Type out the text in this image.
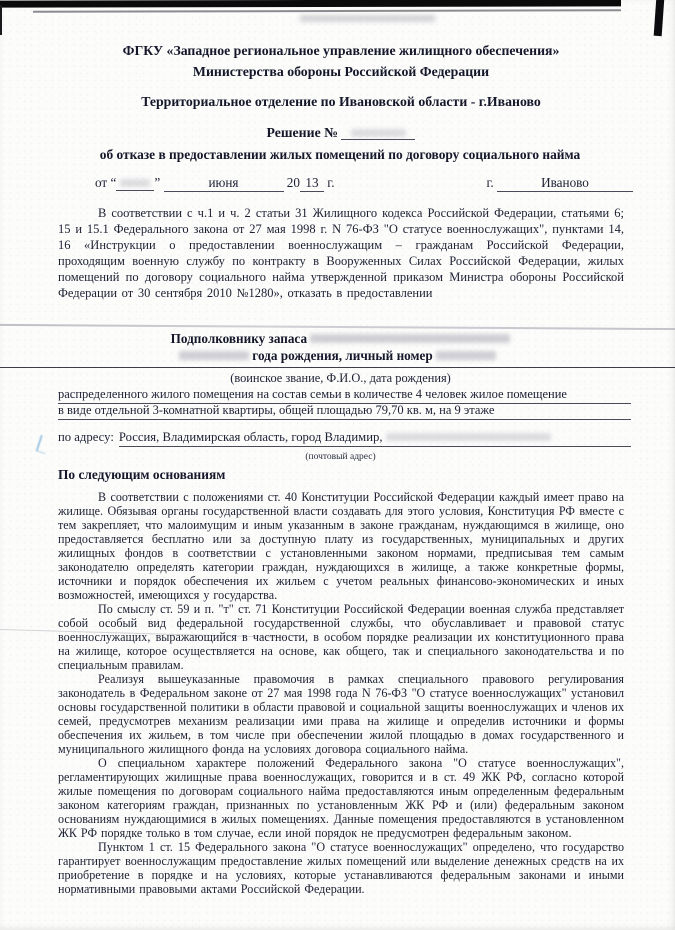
ФГКУ «Западное региональное управление жилищного обеспечения»
Министерства обороны Российской Федерации
Территориальное отделение по Ивановской области - г.Иваново
Решение №
об отказе в предоставлении жилых помещений по договору социального найма
от “	”	июня	20 13 г.	г.	Иваново
В соответствии с ч.1 и ч. 2 статьи 31 Жилищного кодекса Российской Федерации, статьями 6; 15 и 15.1 Федерального закона от 27 мая 1998 г. N 76-ФЗ "О статусе военнослужащих", пунктами 14, 16 «Инструкции о предоставлении военнослужащим – гражданам Российской Федерации, проходящим военную службу по контракту в Вооруженных Силах Российской Федерации, жилых помещений по договору социального найма утвержденной приказом Министра обороны Российской Федерации от 30 сентября 2010 №1280», отказать в предоставлении
Подполковнику запаса
года рождения, личный номер
(воинское звание, Ф.И.О., дата рождения)
распределенного жилого помещения на состав семьи в количестве 4 человек жилое помещение
в виде отдельной 3-комнатной квартиры, общей площадью 79,70 кв. м, на 9 этаже
по адресу: Россия, Владимирская область, город Владимир,
(почтовый адрес)
По следующим основаниям

В соответствии с положениями ст. 40 Конституции Российской Федерации каждый имеет право на жилище. Обязывая органы государственной власти создавать для этого условия, Конституция РФ вместе с тем закрепляет, что малоимущим и иным указанным в законе гражданам, нуждающимся в жилище, оно предоставляется бесплатно или за доступную плату из государственных, муниципальных и других жилищных фондов в соответствии с установленными законом нормами, предписывая тем самым законодателю определять категории граждан, нуждающихся в жилище, а также конкретные формы, источники и порядок обеспечения их жильем с учетом реальных финансово-экономических и иных возможностей, имеющихся у государства.

По смыслу ст. 59 и п. "т" ст. 71 Конституции Российской Федерации военная служба представляет собой особый вид федеральной государственной службы, что обуславливает и правовой статус военнослужащих, выражающийся в частности, в особом порядке реализации их конституционного права на жилище, которое осуществляется на основе, как общего, так и специального законодательства и по специальным правилам.

Реализуя вышеуказанные правомочия в рамках специального правового регулирования законодатель в Федеральном законе от 27 мая 1998 года N 76-ФЗ "О статусе военнослужащих" установил основы государственной политики в области правовой и социальной защиты военнослужащих и членов их семей, предусмотрев механизм реализации ими права на жилище и определив источники и формы обеспечения их жильем, в том числе при обеспечении жилой площадью в домах государственного и муниципального жилищного фонда на условиях договора социального найма.

О специальном характере положений Федерального закона "О статусе военнослужащих", регламентирующих жилищные права военнослужащих, говорится и в ст. 49 ЖК РФ, согласно которой жилые помещения по договорам социального найма предоставляются иным определенным федеральным законом категориям граждан, признанных по установленным ЖК РФ и (или) федеральным законом основаниям нуждающимися в жилых помещениях. Данные помещения предоставляются в установленном ЖК РФ порядке только в том случае, если иной порядок не предусмотрен федеральным законом.

Пунктом 1 ст. 15 Федерального закона "О статусе военнослужащих" определено, что государство гарантирует военнослужащим предоставление жилых помещений или выделение денежных средств на их приобретение в порядке и на условиях, которые устанавливаются федеральным законами и иными нормативными правовыми актами Российской Федерации.
